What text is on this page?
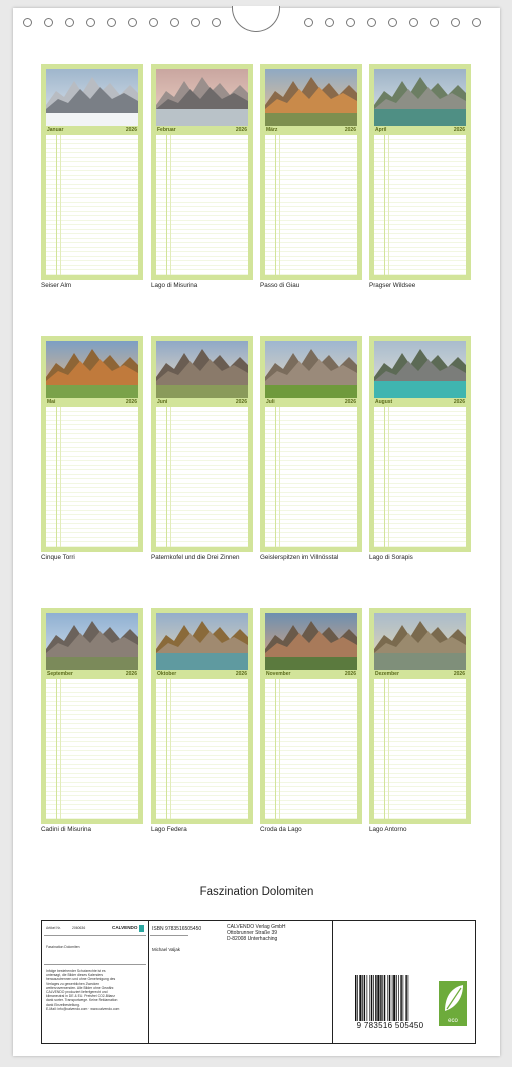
Januar	2026
Seiser Alm
Februar	2026
Lago di Misurina
März	2026
Passo di Giau
April	2026
Pragser Wildsee
Mai	2026
Cinque Torri
Juni	2026
Paternkofel und die Drei Zinnen
Juli	2026
Geislerspitzen im Villnösstal
August	2026
Lago di Sorapis
September	2026
Cadini di Misurina
Oktober	2026
Lago Federa
November	2026
Croda da Lago
Dezember	2026
Lago Antorno
Faszination Dolomiten
Artikel Nr.	2060636	CALVENDO
Faszination Dolomiten
Infolge bestehender Schutzrechte ist es
untersagt, die Bilder dieses Kalenders
herauszutrennen und ohne Genehmigung des
Verlages zu gewerblichen Zwecken
weiterzuverwenden. Alle Bilder ohne Gewähr.
CALVENDO produziert lieferfgerecht und
klimaneutral in DE & EU. Preisfrei CO2-Bilanz
dank sorter. Transportwege. Keine Reklamation
dank Einzelbestellung.
E-Mail: info@calvendo.com · www.calvendo.com
ISBN 9783516505450
Michael Valjak
CALVENDO Verlag GmbH
Ottobrunner Straße 39
D-82008 Unterhaching
9 783516 505450	eco
